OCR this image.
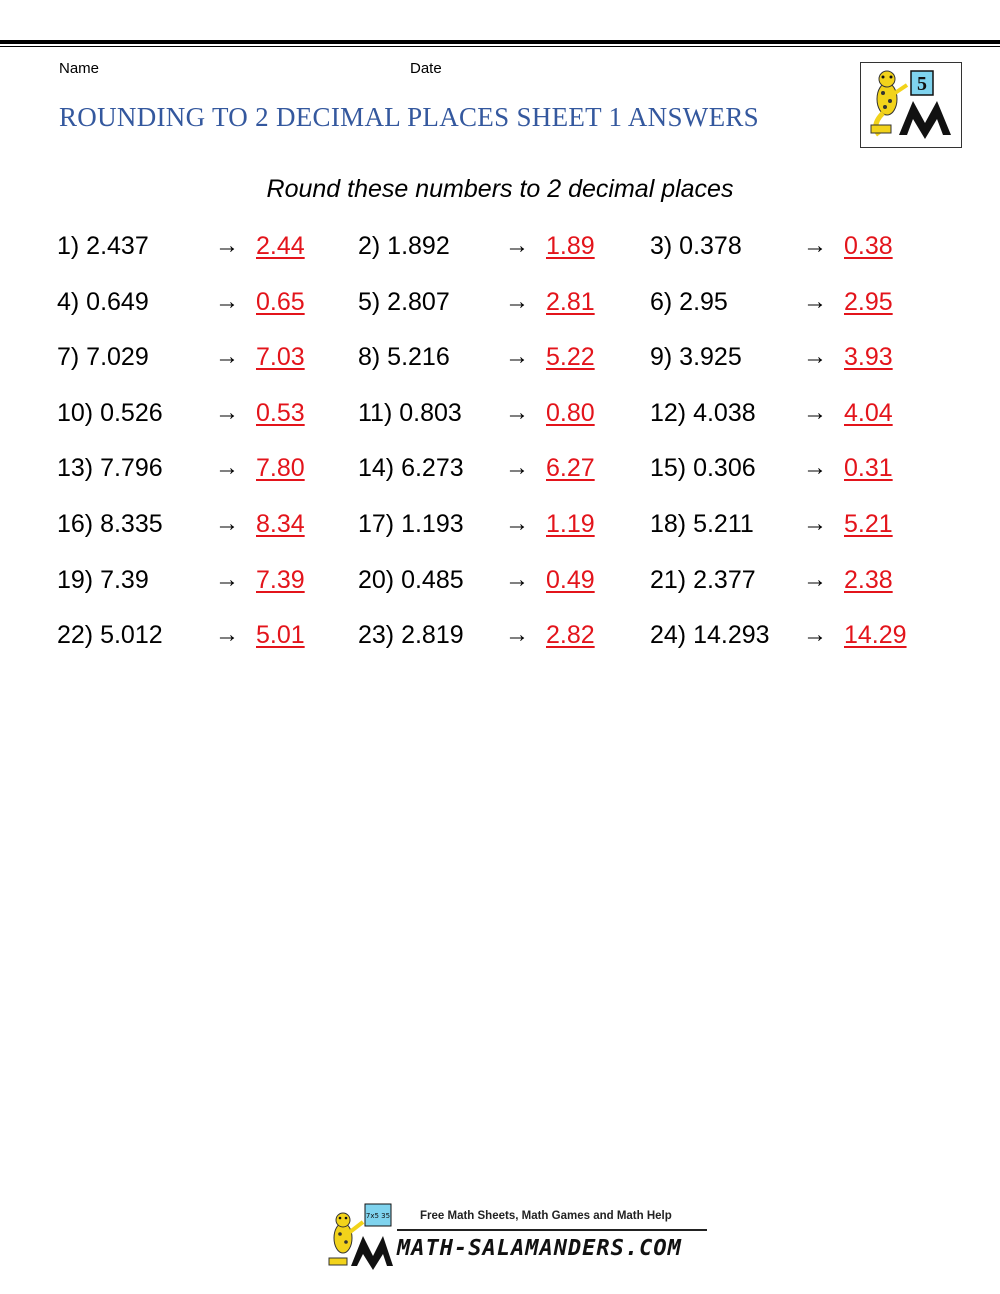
Name	Date
ROUNDING TO 2 DECIMAL PLACES SHEET 1 ANSWERS
5
Round these numbers to 2 decimal places
1) 2.437	→ 2.44 2) 1.892 → 1.89 3) 0.378	→ 0.38
4) 0.649	→ 0.65 5) 2.807 → 2.81 6) 2.95	→ 2.95
7) 7.029	→ 7.03 8) 5.216 → 5.22 9) 3.925	→ 3.93
10) 0.526 → 0.53 11) 0.803 → 0.80 12) 4.038 → 4.04
13) 7.796 → 7.80 14) 6.273 → 6.27 15) 0.306 → 0.31
16) 8.335 → 8.34 17) 1.193 → 1.19 18) 5.211 → 5.21
19) 7.39	→ 7.39 20) 0.485 → 0.49 21) 2.377 → 2.38
22) 5.012 → 5.01 23) 2.819 → 2.82 24) 14.293 → 14.29
7x5 35	Free Math Sheets, Math Games and Math Help
MATH-SALAMANDERS.COM
